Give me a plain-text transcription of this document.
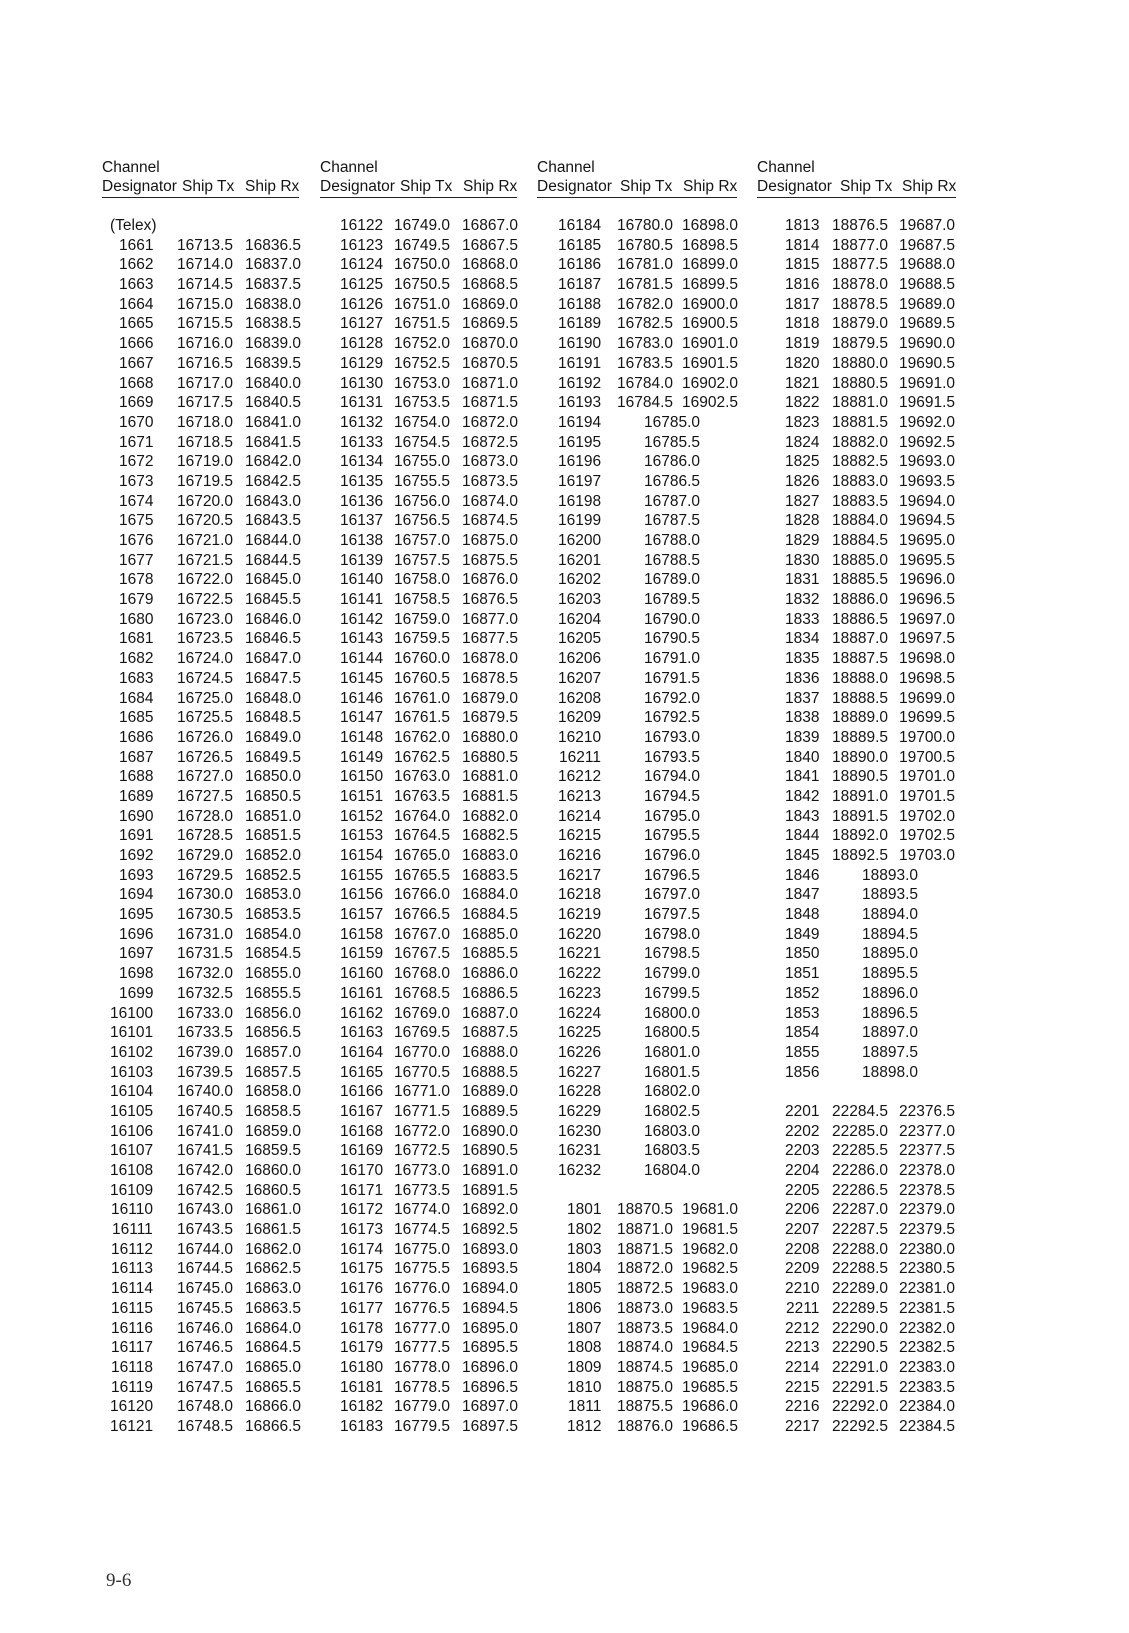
Channel
Designator Ship Tx Ship Rx
(Telex)
1661 16713.5 16836.5
1662 16714.0 16837.0
1663 16714.5 16837.5
1664 16715.0 16838.0
1665 16715.5 16838.5
1666 16716.0 16839.0
1667 16716.5 16839.5
1668 16717.0 16840.0
1669 16717.5 16840.5
1670 16718.0 16841.0
1671 16718.5 16841.5
1672 16719.0 16842.0
1673 16719.5 16842.5
1674 16720.0 16843.0
1675 16720.5 16843.5
1676 16721.0 16844.0
1677 16721.5 16844.5
1678 16722.0 16845.0
1679 16722.5 16845.5
1680 16723.0 16846.0
1681 16723.5 16846.5
1682 16724.0 16847.0
1683 16724.5 16847.5
1684 16725.0 16848.0
1685 16725.5 16848.5
1686 16726.0 16849.0
1687 16726.5 16849.5
1688 16727.0 16850.0
1689 16727.5 16850.5
1690 16728.0 16851.0
1691 16728.5 16851.5
1692 16729.0 16852.0
1693 16729.5 16852.5
1694 16730.0 16853.0
1695 16730.5 16853.5
1696 16731.0 16854.0
1697 16731.5 16854.5
1698 16732.0 16855.0
1699 16732.5 16855.5
16100 16733.0 16856.0
16101 16733.5 16856.5
16102 16739.0 16857.0
16103 16739.5 16857.5
16104 16740.0 16858.0
16105 16740.5 16858.5
16106 16741.0 16859.0
16107 16741.5 16859.5
16108 16742.0 16860.0
16109 16742.5 16860.5
16110 16743.0 16861.0
16111 16743.5 16861.5
16112 16744.0 16862.0
16113 16744.5 16862.5
16114 16745.0 16863.0
16115 16745.5 16863.5
16116 16746.0 16864.0
16117 16746.5 16864.5
16118 16747.0 16865.0
16119 16747.5 16865.5
16120 16748.0 16866.0
16121 16748.5 16866.5
Channel
Designator Ship Tx Ship Rx
16122 16749.0 16867.0
16123 16749.5 16867.5
16124 16750.0 16868.0
16125 16750.5 16868.5
16126 16751.0 16869.0
16127 16751.5 16869.5
16128 16752.0 16870.0
16129 16752.5 16870.5
16130 16753.0 16871.0
16131 16753.5 16871.5
16132 16754.0 16872.0
16133 16754.5 16872.5
16134 16755.0 16873.0
16135 16755.5 16873.5
16136 16756.0 16874.0
16137 16756.5 16874.5
16138 16757.0 16875.0
16139 16757.5 16875.5
16140 16758.0 16876.0
16141 16758.5 16876.5
16142 16759.0 16877.0
16143 16759.5 16877.5
16144 16760.0 16878.0
16145 16760.5 16878.5
16146 16761.0 16879.0
16147 16761.5 16879.5
16148 16762.0 16880.0
16149 16762.5 16880.5
16150 16763.0 16881.0
16151 16763.5 16881.5
16152 16764.0 16882.0
16153 16764.5 16882.5
16154 16765.0 16883.0
16155 16765.5 16883.5
16156 16766.0 16884.0
16157 16766.5 16884.5
16158 16767.0 16885.0
16159 16767.5 16885.5
16160 16768.0 16886.0
16161 16768.5 16886.5
16162 16769.0 16887.0
16163 16769.5 16887.5
16164 16770.0 16888.0
16165 16770.5 16888.5
16166 16771.0 16889.0
16167 16771.5 16889.5
16168 16772.0 16890.0
16169 16772.5 16890.5
16170 16773.0 16891.0
16171 16773.5 16891.5
16172 16774.0 16892.0
16173 16774.5 16892.5
16174 16775.0 16893.0
16175 16775.5 16893.5
16176 16776.0 16894.0
16177 16776.5 16894.5
16178 16777.0 16895.0
16179 16777.5 16895.5
16180 16778.0 16896.0
16181 16778.5 16896.5
16182 16779.0 16897.0
16183 16779.5 16897.5
Channel
Designator Ship Tx Ship Rx
16184 16780.0 16898.0
16185 16780.5 16898.5
16186 16781.0 16899.0
16187 16781.5 16899.5
16188 16782.0 16900.0
16189 16782.5 16900.5
16190 16783.0 16901.0
16191 16783.5 16901.5
16192 16784.0 16902.0
16193 16784.5 16902.5
16194	16785.0
16195	16785.5
16196	16786.0
16197	16786.5
16198	16787.0
16199	16787.5
16200	16788.0
16201	16788.5
16202	16789.0
16203	16789.5
16204	16790.0
16205	16790.5
16206	16791.0
16207	16791.5
16208	16792.0
16209	16792.5
16210	16793.0
16211	16793.5
16212	16794.0
16213	16794.5
16214	16795.0
16215	16795.5
16216	16796.0
16217	16796.5
16218	16797.0
16219	16797.5
16220	16798.0
16221	16798.5
16222	16799.0
16223	16799.5
16224	16800.0
16225	16800.5
16226	16801.0
16227	16801.5
16228	16802.0
16229	16802.5
16230	16803.0
16231	16803.5
16232	16804.0
1801 18870.5 19681.0
1802 18871.0 19681.5
1803 18871.5 19682.0
1804 18872.0 19682.5
1805 18872.5 19683.0
1806 18873.0 19683.5
1807 18873.5 19684.0
1808 18874.0 19684.5
1809 18874.5 19685.0
1810 18875.0 19685.5
1811 18875.5 19686.0
1812 18876.0 19686.5
Channel
Designator Ship Tx Ship Rx
1813 18876.5 19687.0
1814 18877.0 19687.5
1815 18877.5 19688.0
1816 18878.0 19688.5
1817 18878.5 19689.0
1818 18879.0 19689.5
1819 18879.5 19690.0
1820 18880.0 19690.5
1821 18880.5 19691.0
1822 18881.0 19691.5
1823 18881.5 19692.0
1824 18882.0 19692.5
1825 18882.5 19693.0
1826 18883.0 19693.5
1827 18883.5 19694.0
1828 18884.0 19694.5
1829 18884.5 19695.0
1830 18885.0 19695.5
1831 18885.5 19696.0
1832 18886.0 19696.5
1833 18886.5 19697.0
1834 18887.0 19697.5
1835 18887.5 19698.0
1836 18888.0 19698.5
1837 18888.5 19699.0
1838 18889.0 19699.5
1839 18889.5 19700.0
1840 18890.0 19700.5
1841 18890.5 19701.0
1842 18891.0 19701.5
1843 18891.5 19702.0
1844 18892.0 19702.5
1845 18892.5 19703.0
1846	18893.0
1847	18893.5
1848	18894.0
1849	18894.5
1850	18895.0
1851	18895.5
1852	18896.0
1853	18896.5
1854	18897.0
1855	18897.5
1856	18898.0
2201 22284.5 22376.5
2202 22285.0 22377.0
2203 22285.5 22377.5
2204 22286.0 22378.0
2205 22286.5 22378.5
2206 22287.0 22379.0
2207 22287.5 22379.5
2208 22288.0 22380.0
2209 22288.5 22380.5
2210 22289.0 22381.0
2211 22289.5 22381.5
2212 22290.0 22382.0
2213 22290.5 22382.5
2214 22291.0 22383.0
2215 22291.5 22383.5
2216 22292.0 22384.0
2217 22292.5 22384.5
9-6
